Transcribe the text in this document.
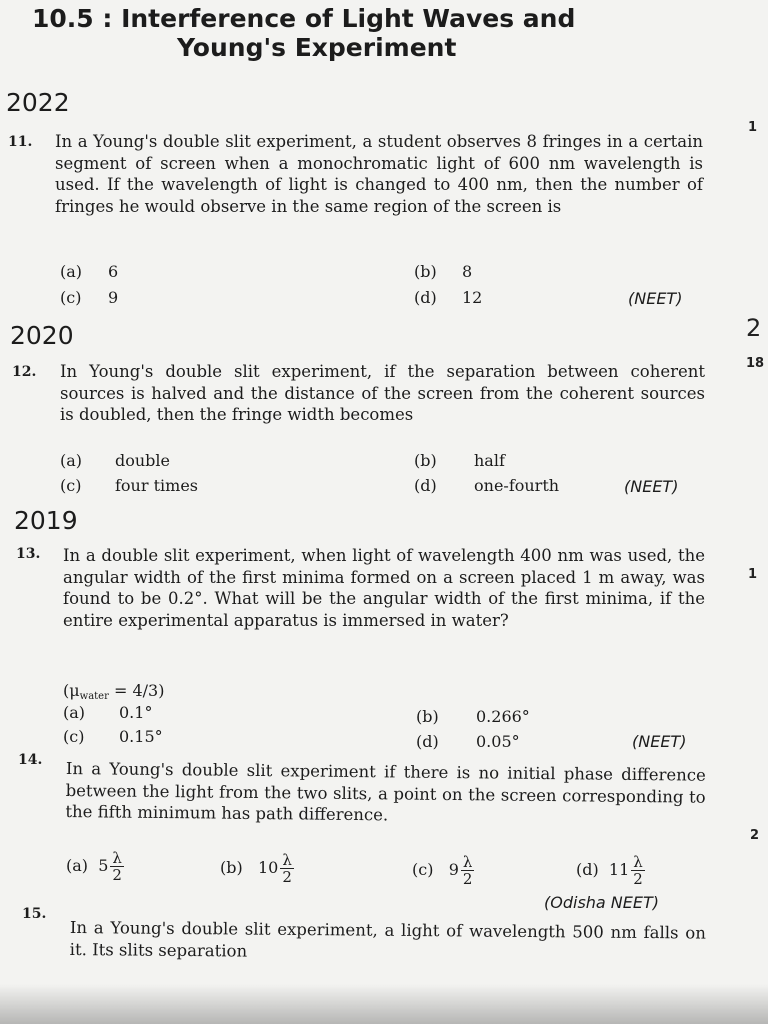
10.5 : Interference of Light Waves and
Young's Experiment
2022
11. In a Young's double slit experiment, a student observes 8 fringes in a certain segment of screen when a monochromatic light of 600 nm wavelength is used. If the wavelength of light is changed to 400 nm, then the number of fringes he would observe in the same region of the screen is
(a) 6	(b) 8
(c) 9	(d) 12	(NEET)
2020
12. In Young's double slit experiment, if the separation between coherent sources is halved and the distance of the screen from the coherent sources is doubled, then the fringe width becomes
(a) double	(b) half
(c) four times	(d) one-fourth	(NEET)
2019
13. In a double slit experiment, when light of wavelength 400 nm was used, the angular width of the first minima formed on a screen placed 1 m away, was found to be 0.2°. What will be the angular width of the first minima, if the entire experimental apparatus is immersed in water?
$(\mu_{water} = 4/3)$
(a) 0.1°	(b) 0.266°
(c) 0.15°	(d) 0.05°	(NEET)
14. In a Young's double slit experiment if there is no initial phase difference between the light from the two slits, a point on the screen corresponding to the fifth minimum has path difference.
(a) $5 \frac{\lambda}{2}$	(b) $10 \frac{\lambda}{2}$	(c) $9 \frac{\lambda}{2}$	(d) $11 \frac{\lambda}{2}$
(Odisha NEET)
15.
In a Young's double slit experiment, a light of wavelength 500 nm falls on it. Its slits separation
1
2
18
1
2
